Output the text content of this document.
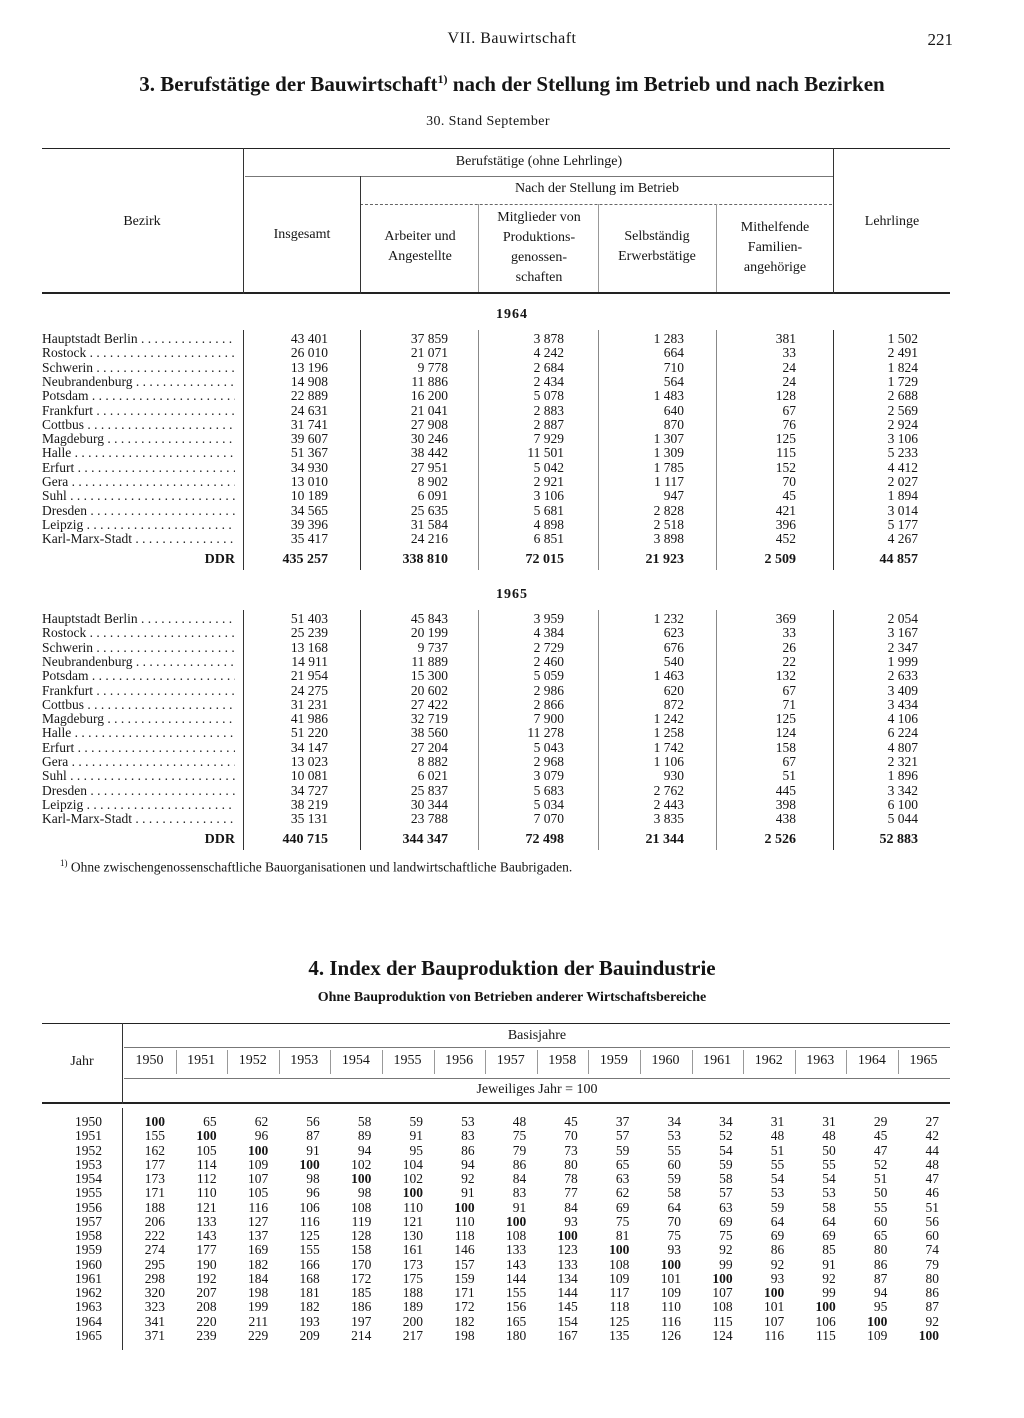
VII. Bauwirtschaft	221
3. Berufstätige der Bauwirtschaft$^{1)}$ nach der Stellung im Betrieb und nach Bezirken
30. Stand September
Bezirk
Berufstätige (ohne Lehrlinge)
Nach der Stellung im Betrieb
Insgesamt	Arbeiter und Angestellte
Mitglieder von Produktions- genossen- schaften
Selbständig Erwerbstätige
Mithelfende Familien- angehörige
Lehrlinge
1964
Hauptstadt Berlin . . .	43 401	37 859	3 878	1 283	381	1 502
Rostock . . .	26 010	21 071	4 242	664	33	2 491
Schwerin . . .	13 196	9 778	2 684	710	24	1 824
Neubrandenburg . . .	14 908	11 886	2 434	564	24	1 729
Potsdam . . .	22 889	16 200	5 078	1 483	128	2 688
Frankfurt . . .	24 631	21 041	2 883	640	67	2 569
Cottbus . . .	31 741	27 908	2 887	870	76	2 924
Magdeburg . . .	39 607	30 246	7 929	1 307	125	3 106
Halle . . .	51 367	38 442	11 501	1 309	115	5 233
Erfurt . . .	34 930	27 951	5 042	1 785	152	4 412
Gera . . .	13 010	8 902	2 921	1 117	70	2 027
Suhl . . .	10 189	6 091	3 106	947	45	1 894
Dresden . . .	34 565	25 635	5 681	2 828	421	3 014
Leipzig . . .	39 396	31 584	4 898	2 518	396	5 177
Karl-Marx-Stadt . . .	35 417	24 216	6 851	3 898	452	4 267
DDR	435 257	338 810	72 015	21 923	2 509	44 857
1965
Hauptstadt Berlin . . .	51 403	45 843	3 959	1 232	369	2 054
Rostock . . .	25 239	20 199	4 384	623	33	3 167
Schwerin . . .	13 168	9 737	2 729	676	26	2 347
Neubrandenburg . . .	14 911	11 889	2 460	540	22	1 999
Potsdam . . .	21 954	15 300	5 059	1 463	132	2 633
Frankfurt . . .	24 275	20 602	2 986	620	67	3 409
Cottbus . . .	31 231	27 422	2 866	872	71	3 434
Magdeburg . . .	41 986	32 719	7 900	1 242	125	4 106
Halle . . .	51 220	38 560	11 278	1 258	124	6 224
Erfurt . . .	34 147	27 204	5 043	1 742	158	4 807
Gera . . .	13 023	8 882	2 968	1 106	67	2 321
Suhl . . .	10 081	6 021	3 079	930	51	1 896
Dresden . . .	34 727	25 837	5 683	2 762	445	3 342
Leipzig . . .	38 219	30 344	5 034	2 443	398	6 100
Karl-Marx-Stadt . . .	35 131	23 788	7 070	3 835	438	5 044
DDR	440 715	344 347	72 498	21 344	2 526	52 883
$^{1)}$ Ohne zwischengenossenschaftliche Bauorganisationen und landwirtschaftliche Baubrigaden.
4. Index der Bauproduktion der Bauindustrie
Ohne Bauproduktion von Betrieben anderer Wirtschaftsbereiche
Jahr
Basisjahre
Jeweiliges Jahr = 100
1950	1951	1952	1953	1954	1955	1956	1957	1958	1959	1960	1961	1962	1963	1964	1965
1950	100	65	62	56	58	59	53	48	45	37	34	34	31	31	29	27
1951	155	100	96	87	89	91	83	75	70	57	53	52	48	48	45	42
1952	162	105	100	91	94	95	86	79	73	59	55	54	51	50	47	44
1953	177	114	109	100	102	104	94	86	80	65	60	59	55	55	52	48
1954	173	112	107	98	100	102	92	84	78	63	59	58	54	54	51	47
1955	171	110	105	96	98	100	91	83	77	62	58	57	53	53	50	46
1956	188	121	116	106	108	110	100	91	84	69	64	63	59	58	55	51
1957	206	133	127	116	119	121	110	100	93	75	70	69	64	64	60	56
1958	222	143	137	125	128	130	118	108	100	81	75	75	69	69	65	60
1959	274	177	169	155	158	161	146	133	123	100	93	92	86	85	80	74
1960	295	190	182	166	170	173	157	143	133	108	100	99	92	91	86	79
1961	298	192	184	168	172	175	159	144	134	109	101	100	93	92	87	80
1962	320	207	198	181	185	188	171	155	144	117	109	107	100	99	94	86
1963	323	208	199	182	186	189	172	156	145	118	110	108	101	100	95	87
1964	341	220	211	193	197	200	182	165	154	125	116	115	107	106	100	92
1965	371	239	229	209	214	217	198	180	167	135	126	124	116	115	109	100
